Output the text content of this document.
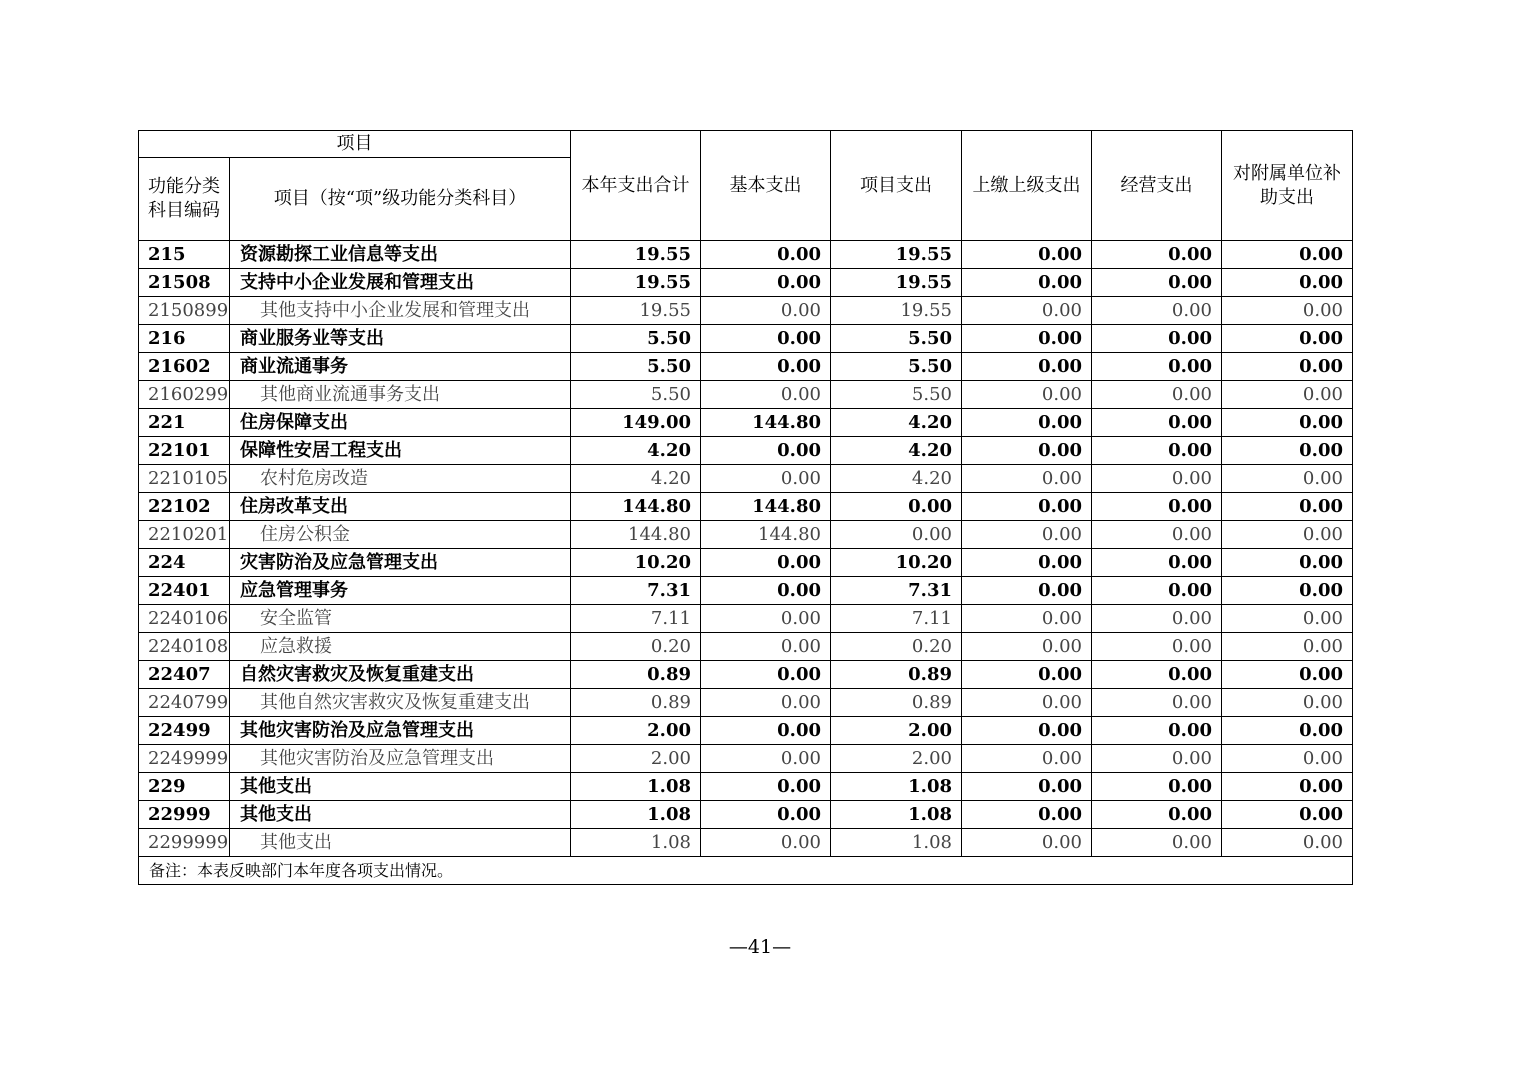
项目		本年支出合计	基本支出	项目支出	上缴上级支出	经营支出	对附属单位补助支出
功能分类科目编码	项目（按“项”级功能分类科目）						
215	资源勘探工业信息等支出	19.55	0.00	19.55	0.00	0.00	0.00
21508	支持中小企业发展和管理支出	19.55	0.00	19.55	0.00	0.00	0.00
2150899	其他支持中小企业发展和管理支出	19.55	0.00	19.55	0.00	0.00	0.00
216	商业服务业等支出	5.50	0.00	5.50	0.00	0.00	0.00
21602	商业流通事务	5.50	0.00	5.50	0.00	0.00	0.00
2160299	其他商业流通事务支出	5.50	0.00	5.50	0.00	0.00	0.00
221	住房保障支出	149.00	144.80	4.20	0.00	0.00	0.00
22101	保障性安居工程支出	4.20	0.00	4.20	0.00	0.00	0.00
2210105	农村危房改造	4.20	0.00	4.20	0.00	0.00	0.00
22102	住房改革支出	144.80	144.80	0.00	0.00	0.00	0.00
2210201	住房公积金	144.80	144.80	0.00	0.00	0.00	0.00
224	灾害防治及应急管理支出	10.20	0.00	10.20	0.00	0.00	0.00
22401	应急管理事务	7.31	0.00	7.31	0.00	0.00	0.00
2240106	安全监管	7.11	0.00	7.11	0.00	0.00	0.00
2240108	应急救援	0.20	0.00	0.20	0.00	0.00	0.00
22407	自然灾害救灾及恢复重建支出	0.89	0.00	0.89	0.00	0.00	0.00
2240799	其他自然灾害救灾及恢复重建支出	0.89	0.00	0.89	0.00	0.00	0.00
22499	其他灾害防治及应急管理支出	2.00	0.00	2.00	0.00	0.00	0.00
2249999	其他灾害防治及应急管理支出	2.00	0.00	2.00	0.00	0.00	0.00
229	其他支出	1.08	0.00	1.08	0.00	0.00	0.00
22999	其他支出	1.08	0.00	1.08	0.00	0.00	0.00
2299999	其他支出	1.08	0.00	1.08	0.00	0.00	0.00
备注：本表反映部门本年度各项支出情况。							
—41—
